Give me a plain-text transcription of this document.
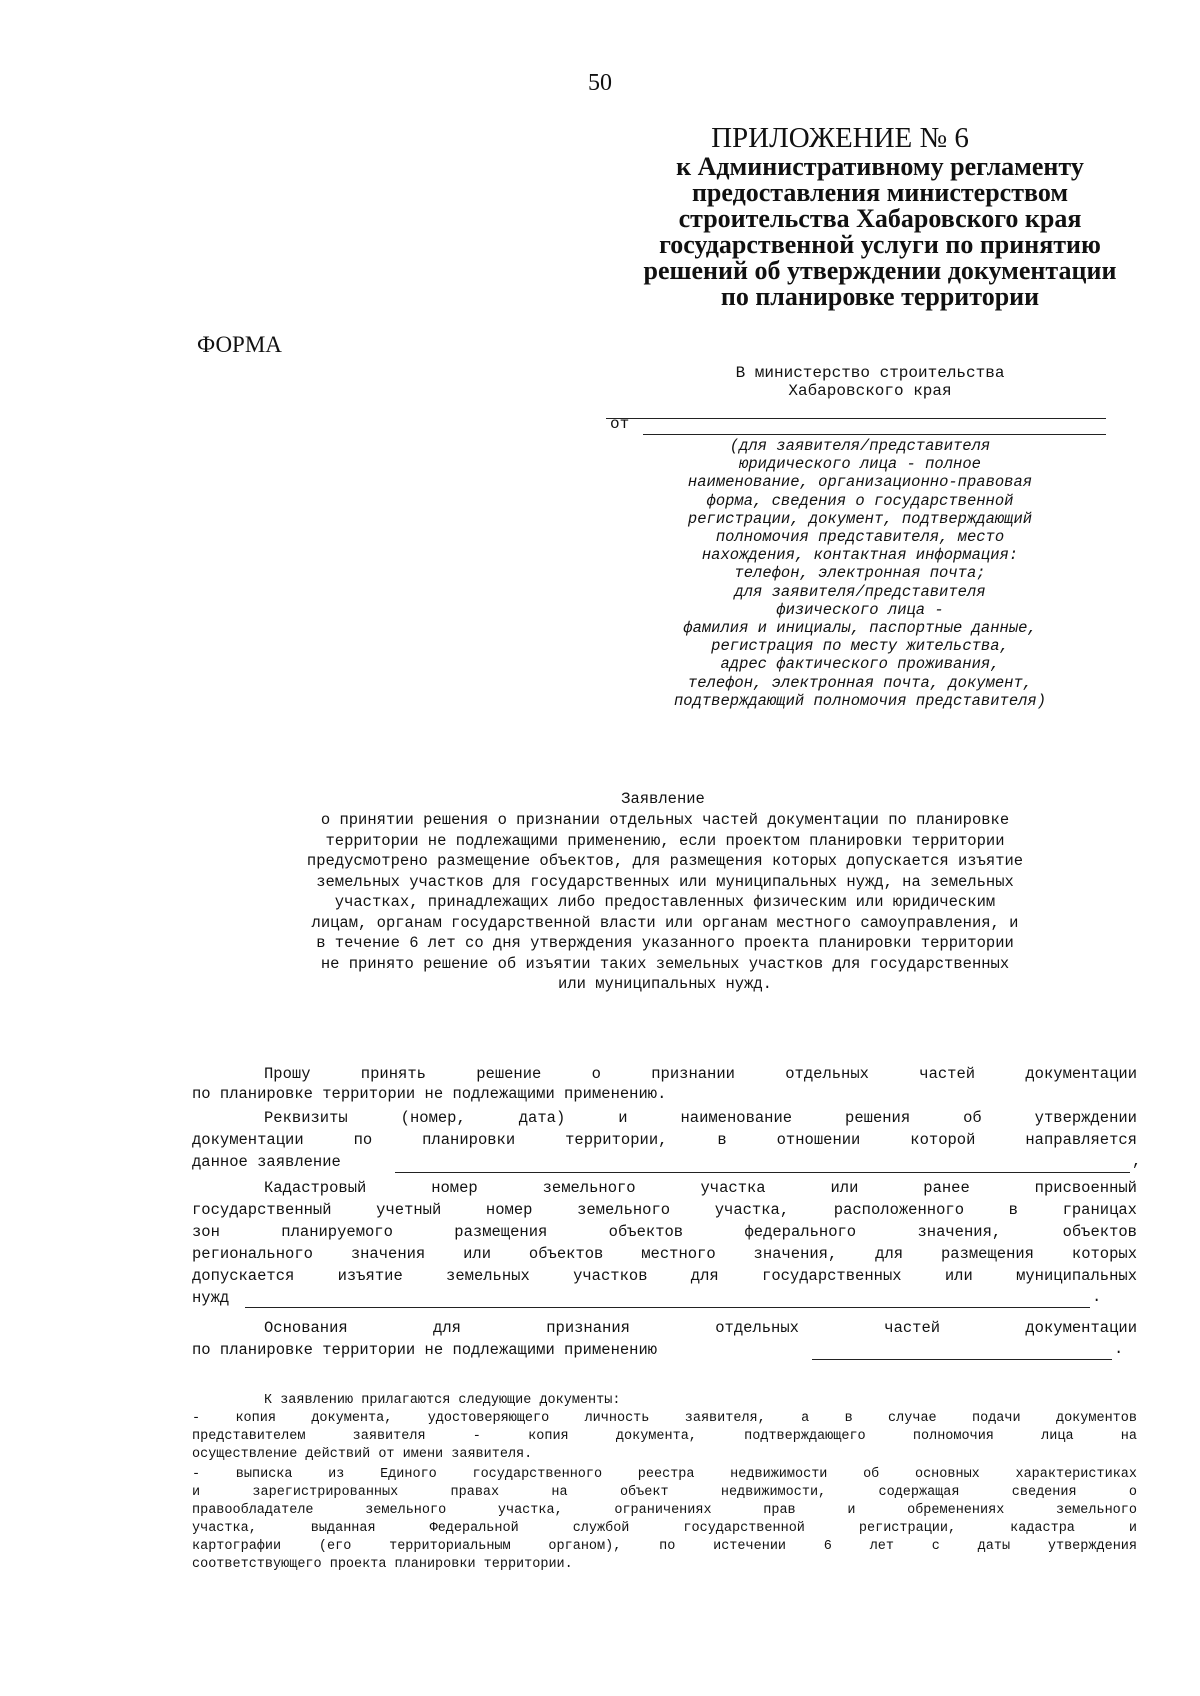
50

ПРИЛОЖЕНИЕ № 6

к Административному регламенту
предоставления министерством
строительства Хабаровского края
государственной услуги по принятию
решений об утверждении документации
по планировке территории

ФОРМА

В министерство строительства
Хабаровского края

от

(для заявителя/представителя
юридического лица - полное
наименование, организационно-правовая
форма, сведения о государственной
регистрации, документ, подтверждающий
полномочия представителя, место
нахождения, контактная информация:
телефон, электронная почта;
для заявителя/представителя
физического лица -
фамилия и инициалы, паспортные данные,
регистрация по месту жительства,
адрес фактического проживания,
телефон, электронная почта, документ,
подтверждающий полномочия представителя)

Заявление

о принятии решения о признании отдельных частей документации по планировке
территории не подлежащими применению, если проектом планировки территории
предусмотрено размещение объектов, для размещения которых допускается изъятие
земельных участков для государственных или муниципальных нужд, на земельных
участках, принадлежащих либо предоставленных физическим или юридическим
лицам, органам государственной власти или органам местного самоуправления, и
в течение 6 лет со дня утверждения указанного проекта планировки территории
не принято решение об изъятии таких земельных участков для государственных
или муниципальных нужд.

Прошу принять решение о признании отдельных частей документации

по планировке территории не подлежащими применению.

Реквизиты (номер, дата) и наименование решения об утверждении

документации по планировки территории, в отношении которой направляется

данное заявление	,

Кадастровый номер земельного участка или ранее присвоенный

государственный учетный номер земельного участка, расположенного в границах

зон планируемого размещения объектов федерального значения, объектов

регионального значения или объектов местного значения, для размещения которых

допускается изъятие земельных участков для государственных или муниципальных

нужд	.

Основания для признания отдельных частей документации

по планировке территории не подлежащими применению	.

К заявлению прилагаются следующие документы:

- копия документа, удостоверяющего личность заявителя, а в случае подачи документов

представителем заявителя - копия документа, подтверждающего полномочия лица на

осуществление действий от имени заявителя.

- выписка из Единого государственного реестра недвижимости об основных характеристиках

и зарегистрированных правах на объект недвижимости, содержащая сведения о

правообладателе земельного участка, ограничениях прав и обременениях земельного

участка, выданная Федеральной службой государственной регистрации, кадастра и

картографии (его территориальным органом), по истечении 6 лет с даты утверждения

соответствующего проекта планировки территории.
